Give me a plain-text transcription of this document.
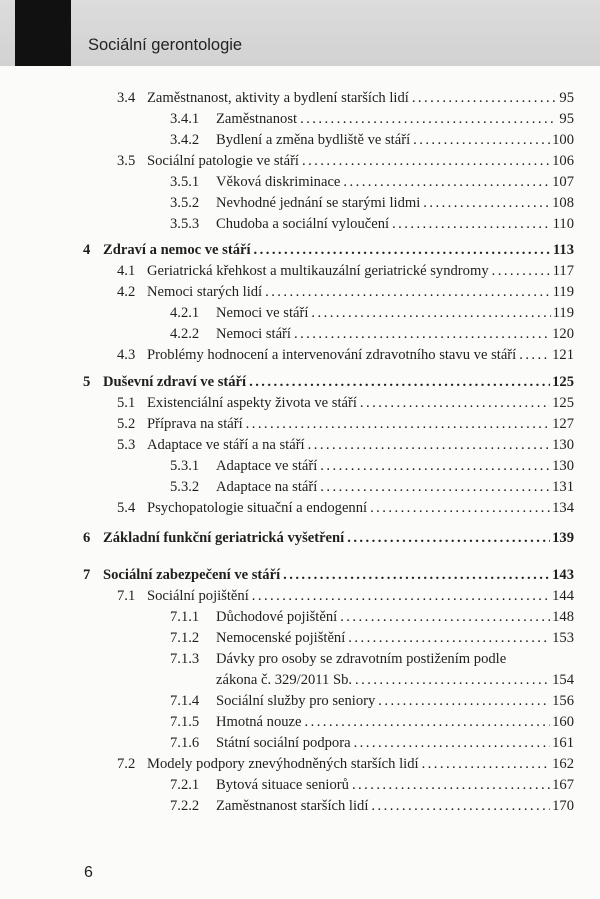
Sociální gerontologie
3.4 Zaměstnanost, aktivity a bydlení starších lidí . . .	95
3.4.1	Zaměstnanost . . .	95
3.4.2	Bydlení a změna bydliště ve stáří . . .	100
3.5 Sociální patologie ve stáří . . .	106
3.5.1	Věková diskriminace . . .	107
3.5.2	Nevhodné jednání se starými lidmi . . .	108
3.5.3	Chudoba a sociální vyloučení . . .	110
4 Zdraví a nemoc ve stáří . . .	113
4.1 Geriatrická křehkost a multikauzální geriatrické syndromy . . .	117
4.2 Nemoci starých lidí . . .	119
4.2.1	Nemoci ve stáří . . .	119
4.2.2	Nemoci stáří . . .	120
4.3 Problémy hodnocení a intervenování zdravotního stavu ve stáří . . . 121
5 Duševní zdraví ve stáří . . .	125
5.1 Existenciální aspekty života ve stáří . . .	125
5.2 Příprava na stáří . . .	127
5.3 Adaptace ve stáří a na stáří . . .	130
5.3.1	Adaptace ve stáří . . .	130
5.3.2	Adaptace na stáří . . .	131
5.4 Psychopatologie situační a endogenní . . .	134
6 Základní funkční geriatrická vyšetření . . .	139
7 Sociální zabezpečení ve stáří . . .	143
7.1 Sociální pojištění . . .	144
7.1.1	Důchodové pojištění . . .	148
7.1.2	Nemocenské pojištění . . .	153
7.1.3	Dávky pro osoby se zdravotním postižením podle
zákona č. 329/2011 Sb. . . .	154
7.1.4	Sociální služby pro seniory . . .	156
7.1.5	Hmotná nouze . . .	160
7.1.6	Státní sociální podpora . . .	161
7.2 Modely podpory znevýhodněných starších lidí . . .	162
7.2.1	Bytová situace seniorů . . .	167
7.2.2	Zaměstnanost starších lidí . . .	170
6
